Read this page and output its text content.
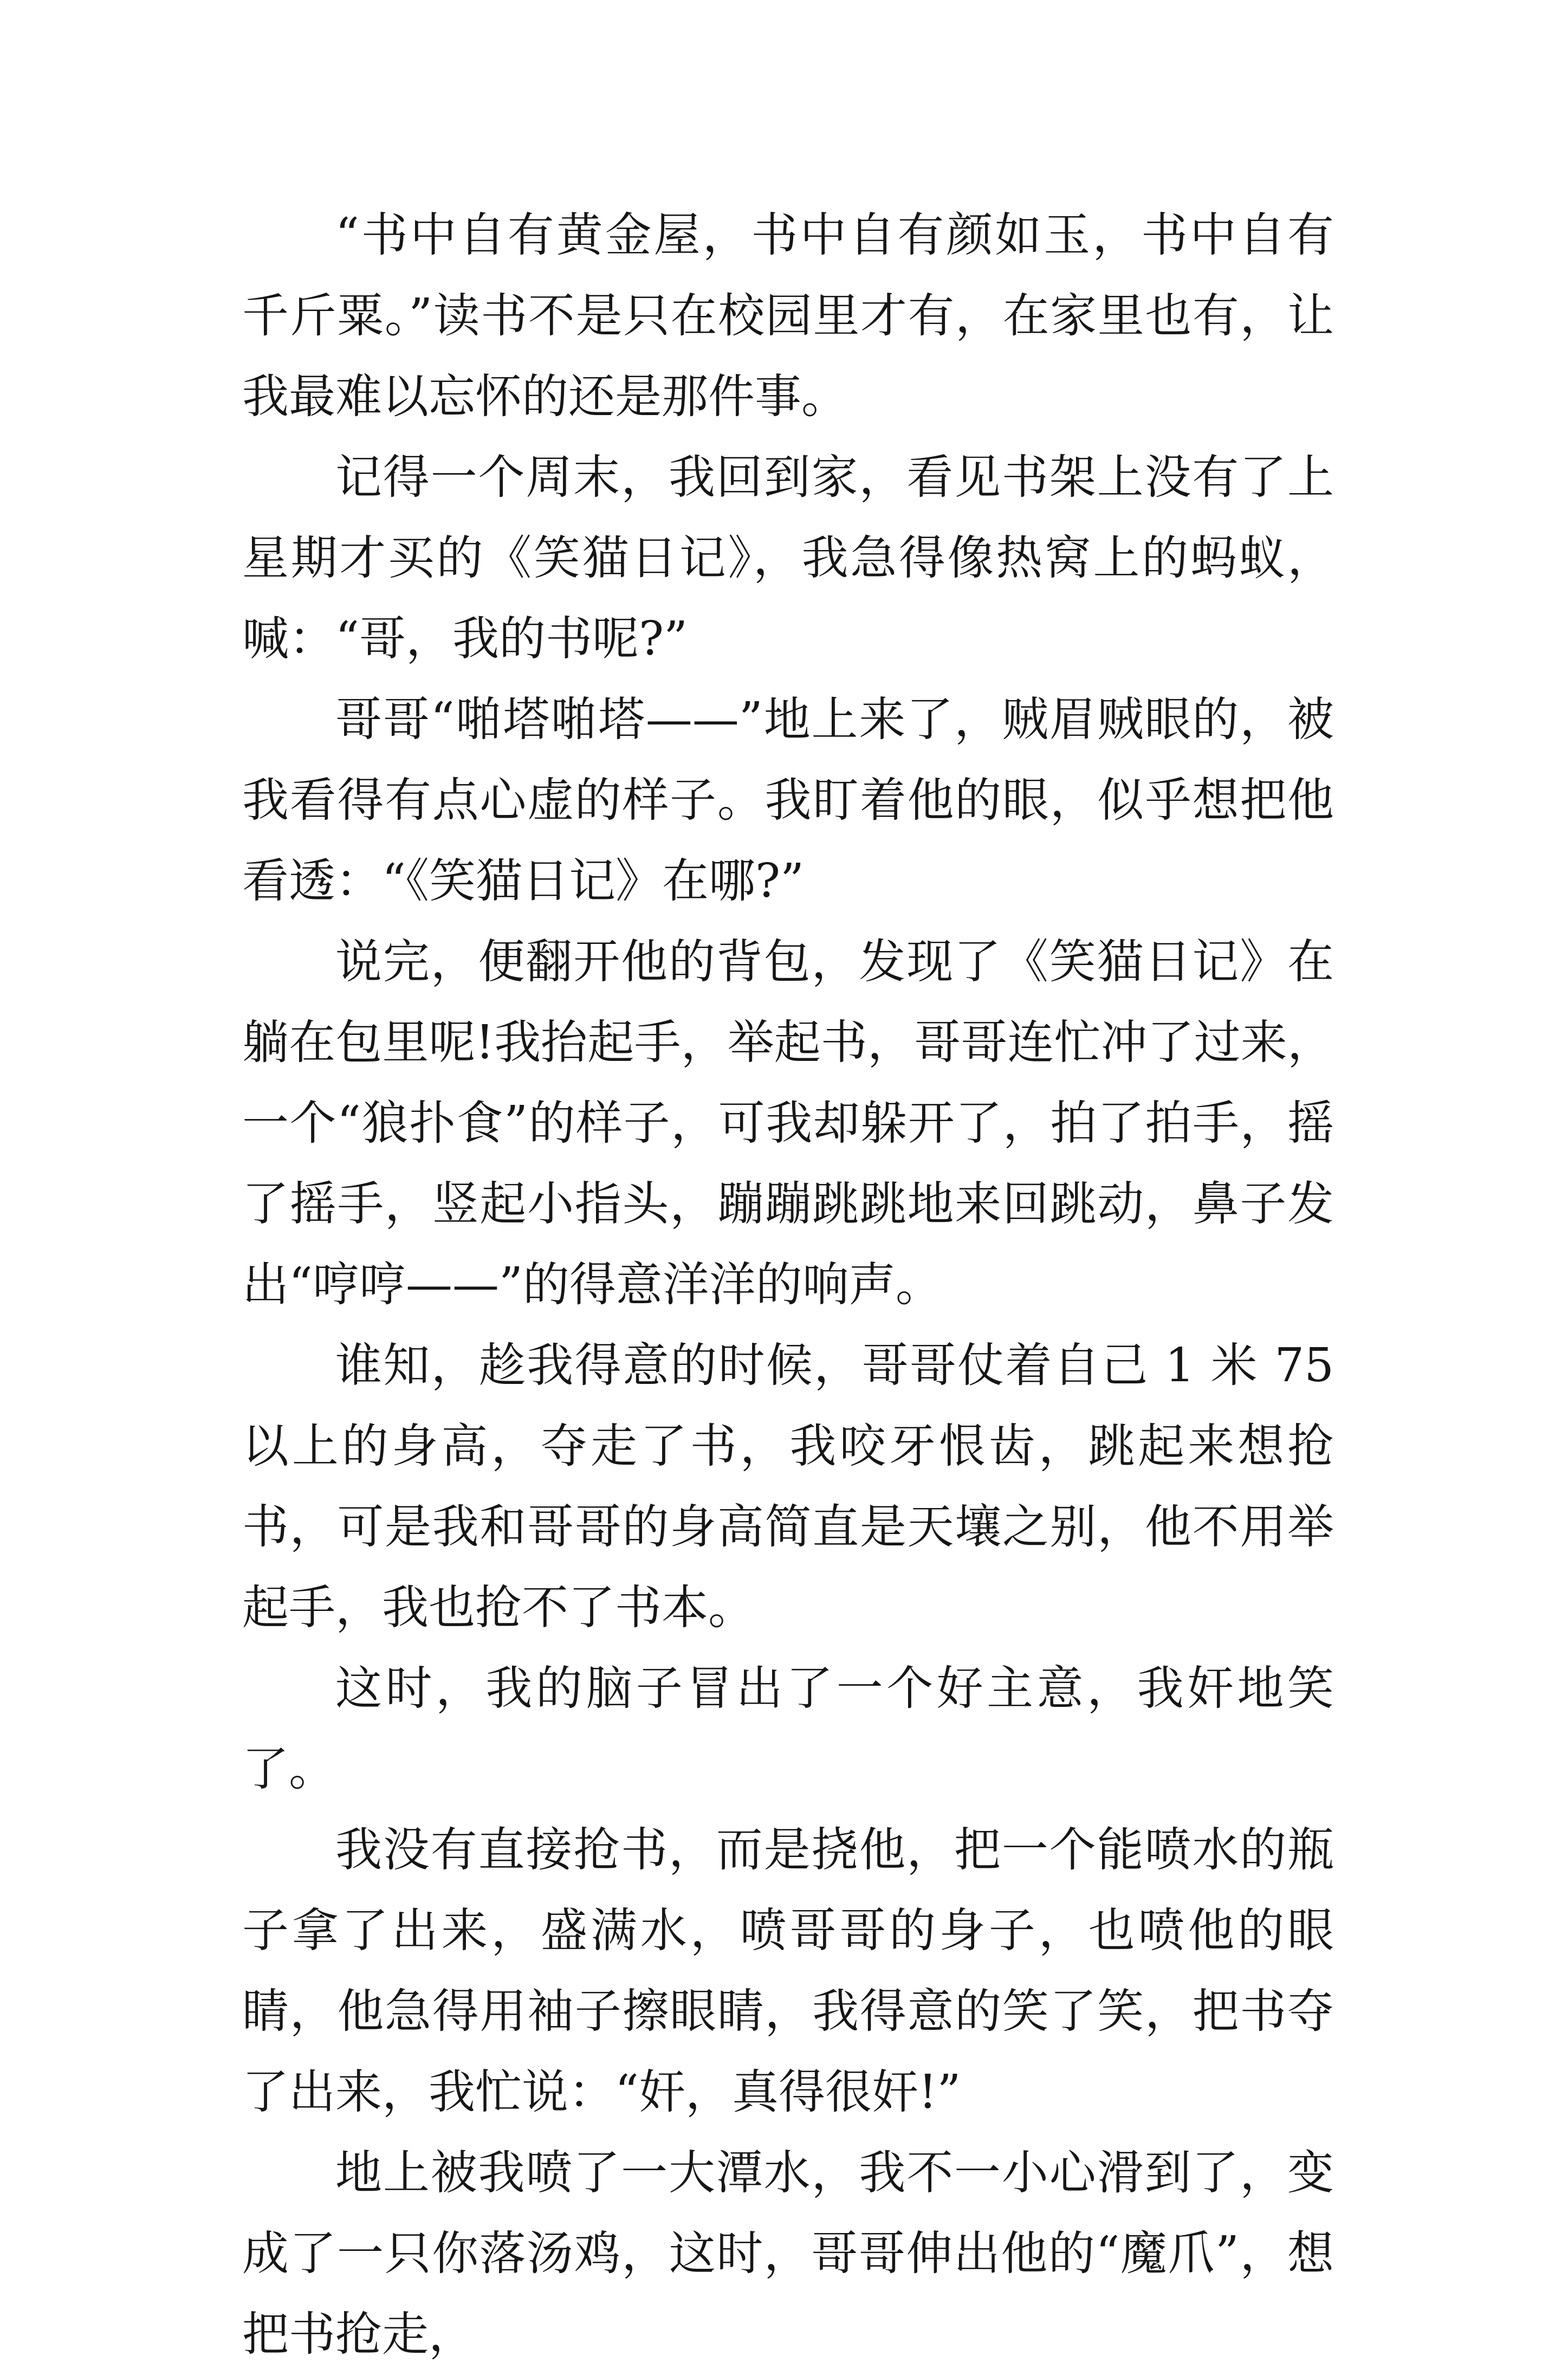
“书中自有黄金屋，书中自有颜如玉，书中自有千斤粟。”读书不是只在校园里才有，在家里也有，让我最难以忘怀的还是那件事。

记得一个周末，我回到家，看见书架上没有了上星期才买的《笑猫日记》，我急得像热窝上的蚂蚁，喊：“哥，我的书呢?”

哥哥“啪塔啪塔——”地上来了，贼眉贼眼的，被我看得有点心虚的样子。我盯着他的眼，似乎想把他看透：“《笑猫日记》在哪?”

说完，便翻开他的背包，发现了《笑猫日记》在躺在包里呢!我抬起手，举起书，哥哥连忙冲了过来，一个“狼扑食”的样子，可我却躲开了，拍了拍手，摇了摇手，竖起小指头，蹦蹦跳跳地来回跳动，鼻子发出“哼哼——”的得意洋洋的响声。

谁知，趁我得意的时候，哥哥仗着自己 1 米 75 以上的身高，夺走了书，我咬牙恨齿，跳起来想抢书，可是我和哥哥的身高简直是天壤之别，他不用举起手，我也抢不了书本。

这时，我的脑子冒出了一个好主意，我奸地笑了。

我没有直接抢书，而是挠他，把一个能喷水的瓶子拿了出来，盛满水，喷哥哥的身子，也喷他的眼睛，他急得用袖子擦眼睛，我得意的笑了笑，把书夺了出来，我忙说：“奸，真得很奸!”

地上被我喷了一大潭水，我不一小心滑到了，变成了一只你落汤鸡，这时，哥哥伸出他的“魔爪”，想把书抢走，
